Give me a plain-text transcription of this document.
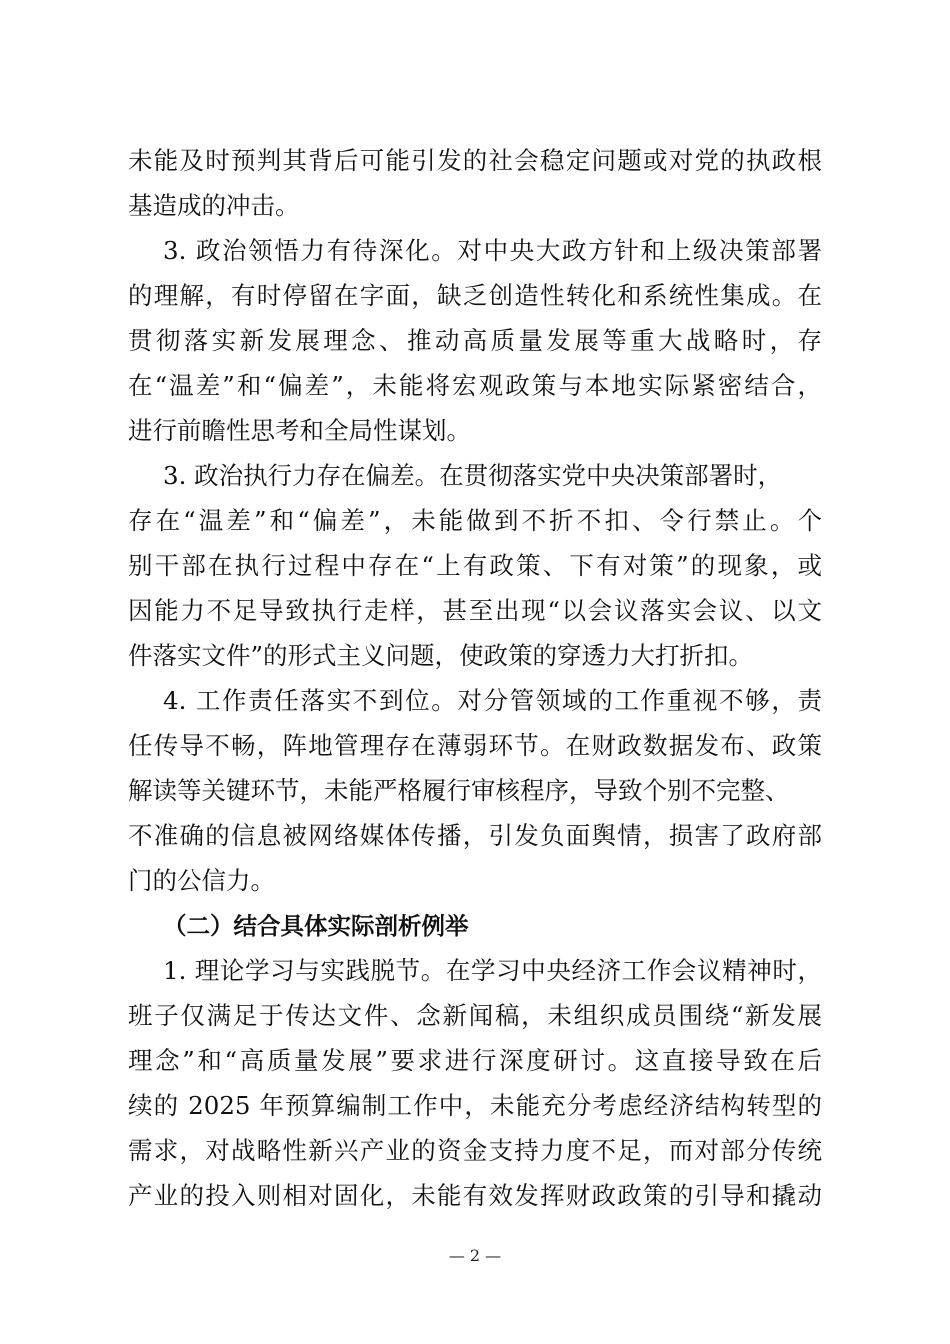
未能及时预判其背后可能引发的社会稳定问题或对党的执政根
基造成的冲击。
3. 政治领悟力有待深化。对中央大政方针和上级决策部署
的理解，有时停留在字面，缺乏创造性转化和系统性集成。在
贯彻落实新发展理念、推动高质量发展等重大战略时，存
在“温差”和“偏差”，未能将宏观政策与本地实际紧密结合，
进行前瞻性思考和全局性谋划。
3. 政治执行力存在偏差。在贯彻落实党中央决策部署时，
存在“温差”和“偏差”，未能做到不折不扣、令行禁止。个
别干部在执行过程中存在“上有政策、下有对策”的现象，或
因能力不足导致执行走样，甚至出现“以会议落实会议、以文
件落实文件”的形式主义问题，使政策的穿透力大打折扣。
4. 工作责任落实不到位。对分管领域的工作重视不够，责
任传导不畅，阵地管理存在薄弱环节。在财政数据发布、政策
解读等关键环节，未能严格履行审核程序，导致个别不完整、
不准确的信息被网络媒体传播，引发负面舆情，损害了政府部
门的公信力。
（二）结合具体实际剖析例举
1. 理论学习与实践脱节。在学习中央经济工作会议精神时，
班子仅满足于传达文件、念新闻稿，未组织成员围绕“新发展
理念”和“高质量发展”要求进行深度研讨。这直接导致在后
续的 2025 年预算编制工作中，未能充分考虑经济结构转型的
需求，对战略性新兴产业的资金支持力度不足，而对部分传统
产业的投入则相对固化，未能有效发挥财政政策的引导和撬动
— 2 —
